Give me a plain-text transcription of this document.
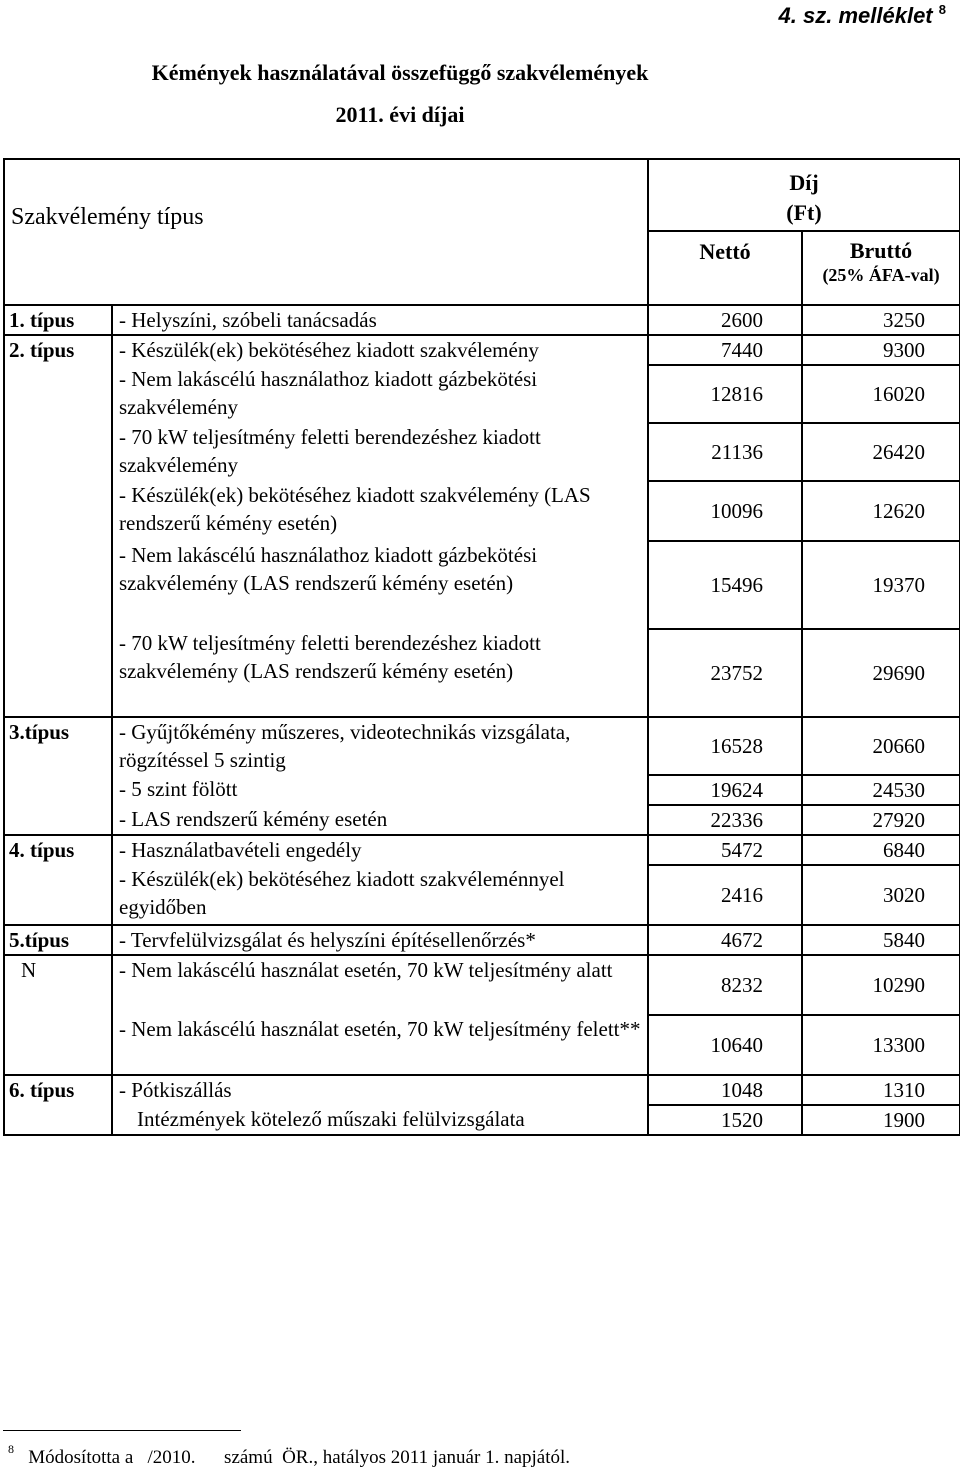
4. sz. melléklet $^8$
Kémények használatával összefüggő szakvélemények
2011. évi díjai
Szakvélemény típus		Díj
(Ft)	

		Nettó	Bruttó
(25% ÁFA-val)

1. típus	- Helyszíni, szóbeli tanácsadás	2600	3250
2. típus	- Készülék(ek) bekötéséhez kiadott szakvélemény	7440	9300
	- Nem lakáscélú használathoz kiadott gázbekötési szakvélemény	12816	16020
	- 70 kW teljesítmény feletti berendezéshez kiadott szakvélemény	21136	26420
	- Készülék(ek) bekötéséhez kiadott szakvélemény (LAS rendszerű kémény esetén)	10096	12620
	- Nem lakáscélú használathoz kiadott gázbekötési szakvélemény (LAS rendszerű kémény esetén)	15496	19370
	- 70 kW teljesítmény feletti berendezéshez kiadott szakvélemény (LAS rendszerű kémény esetén)	23752	29690
3.típus	- Gyűjtőkémény műszeres, videotechnikás vizsgálata, rögzítéssel 5 szintig	16528	20660
	- 5 szint fölött	19624	24530
	- LAS rendszerű kémény esetén	22336	27920
4. típus	- Használatbavételi engedély	5472	6840
	- Készülék(ek) bekötéséhez kiadott szakvéleménnyel egyidőben	2416	3020
5.típus	- Tervfelülvizsgálat és helyszíni építésellenőrzés*	4672	5840
N	- Nem lakáscélú használat esetén, 70 kW teljesítmény alatt	8232	10290
	- Nem lakáscélú használat esetén, 70 kW teljesítmény felett**	10640	13300
6. típus	- Pótkiszállás	1048	1310
	Intézmények kötelező műszaki felülvizsgálata	1520	1900
$^8$ Módosította a   /2010.      számú  ÖR., hatályos 2011 január 1. napjától.
